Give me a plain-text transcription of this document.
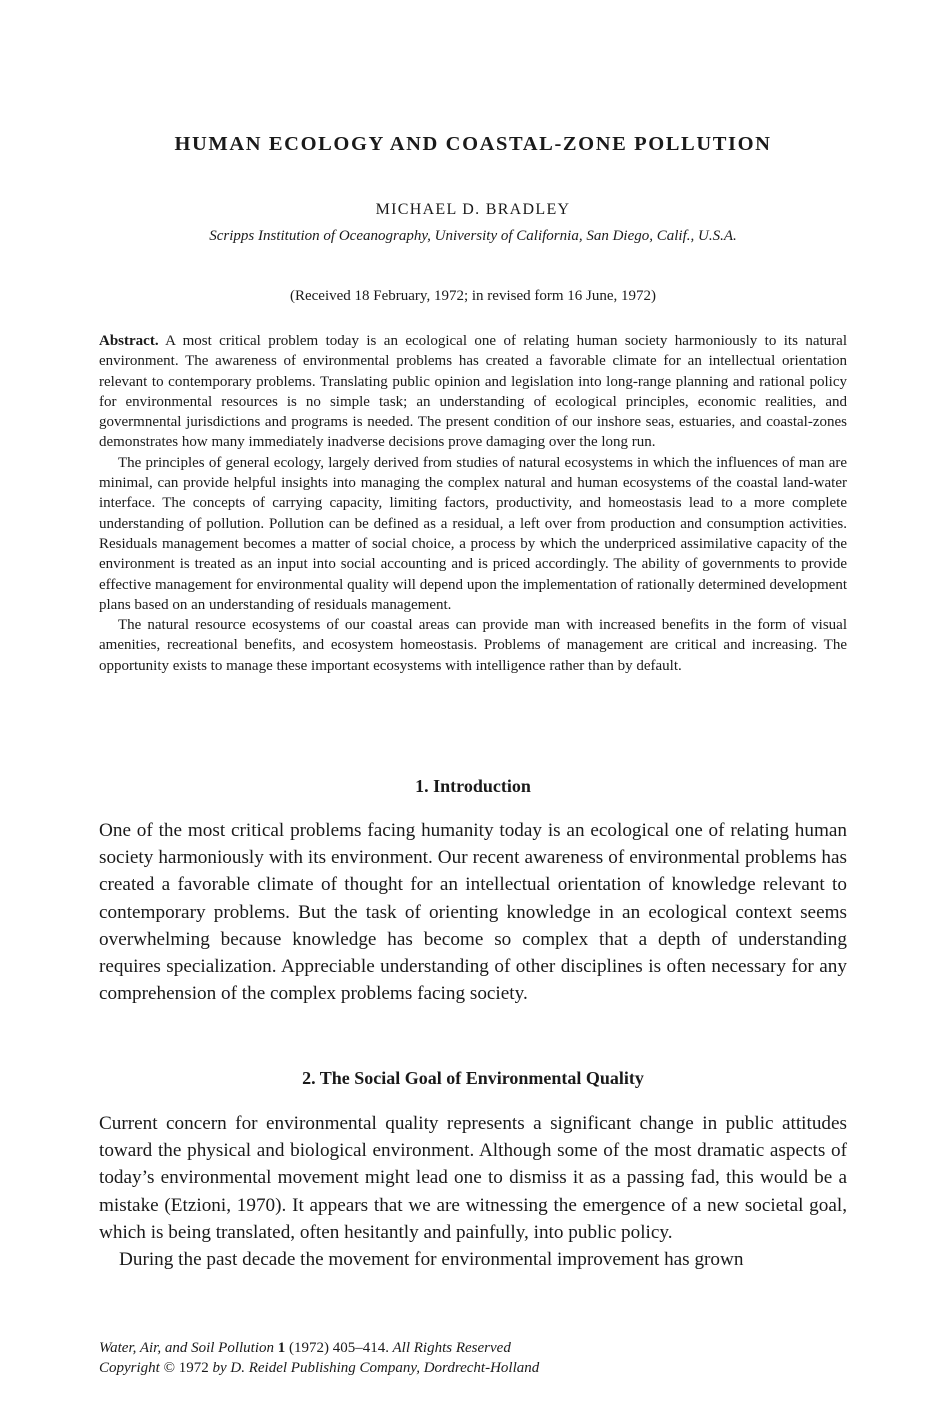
HUMAN ECOLOGY AND COASTAL-ZONE POLLUTION
MICHAEL D. BRADLEY
Scripps Institution of Oceanography, University of California, San Diego, Calif., U.S.A.
(Received 18 February, 1972; in revised form 16 June, 1972)

Abstract. A most critical problem today is an ecological one of relating human society harmoniously to its natural environment. The awareness of environmental problems has created a favorable climate for an intellectual orientation relevant to contemporary problems. Translating public opinion and legislation into long-range planning and rational policy for environmental resources is no simple task; an understanding of ecological principles, economic realities, and govermnental jurisdictions and programs is needed. The present condition of our inshore seas, estuaries, and coastal-zones demonstrates how many immediately inadverse decisions prove damaging over the long run.

The principles of general ecology, largely derived from studies of natural ecosystems in which the influences of man are minimal, can provide helpful insights into managing the complex natural and human ecosystems of the coastal land-water interface. The concepts of carrying capacity, limiting factors, productivity, and homeostasis lead to a more complete understanding of pollution. Pollution can be defined as a residual, a left over from production and consumption activities. Residuals management becomes a matter of social choice, a process by which the underpriced assimilative capacity of the environment is treated as an input into social accounting and is priced accordingly. The ability of governments to provide effective management for environmental quality will depend upon the implementation of rationally determined development plans based on an understanding of residuals management.

The natural resource ecosystems of our coastal areas can provide man with increased benefits in the form of visual amenities, recreational benefits, and ecosystem homeostasis. Problems of management are critical and increasing. The opportunity exists to manage these important ecosystems with intelligence rather than by default.

1. Introduction

One of the most critical problems facing humanity today is an ecological one of relating human society harmoniously with its environment. Our recent awareness of environmental problems has created a favorable climate of thought for an intellectual orientation of knowledge relevant to contemporary problems. But the task of orienting knowledge in an ecological context seems overwhelming because knowledge has become so complex that a depth of understanding requires specialization. Appreciable understanding of other disciplines is often necessary for any comprehension of the complex problems facing society.

2. The Social Goal of Environmental Quality

Current concern for environmental quality represents a significant change in public attitudes toward the physical and biological environment. Although some of the most dramatic aspects of today’s environmental movement might lead one to dismiss it as a passing fad, this would be a mistake (Etzioni, 1970). It appears that we are witnessing the emergence of a new societal goal, which is being translated, often hesitantly and painfully, into public policy.

During the past decade the movement for environmental improvement has grown

Water, Air, and Soil Pollution 1 (1972) 405–414. All Rights Reserved
Copyright © 1972 by D. Reidel Publishing Company, Dordrecht-Holland
